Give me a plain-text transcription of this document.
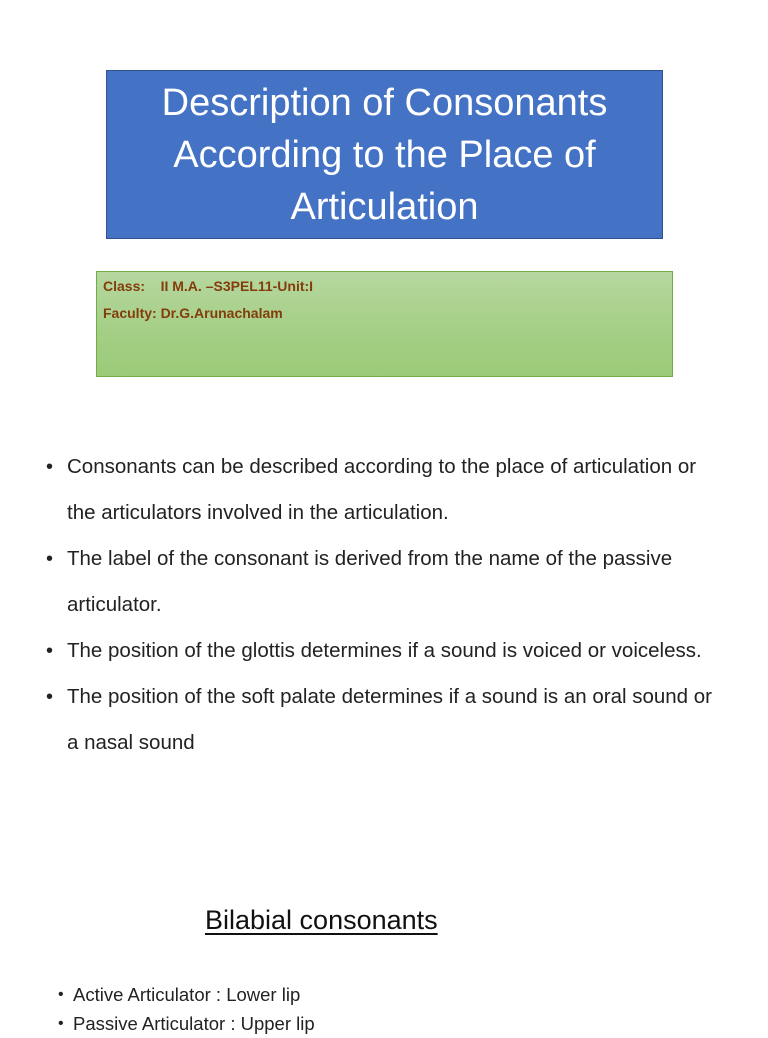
Description of Consonants
According to the Place of
Articulation
Class:    II M.A. –S3PEL11-Unit:I
Faculty: Dr.G.Arunachalam
• Consonants can be described according to the place of articulation or the articulators involved in the articulation.
• The label of the consonant is derived from the name of the passive articulator.
• The position of the glottis determines if a sound is voiced or voiceless.
• The position of the soft palate determines if a sound is an oral sound or a nasal sound
Bilabial consonants
• Active Articulator : Lower lip
• Passive Articulator : Upper lip
